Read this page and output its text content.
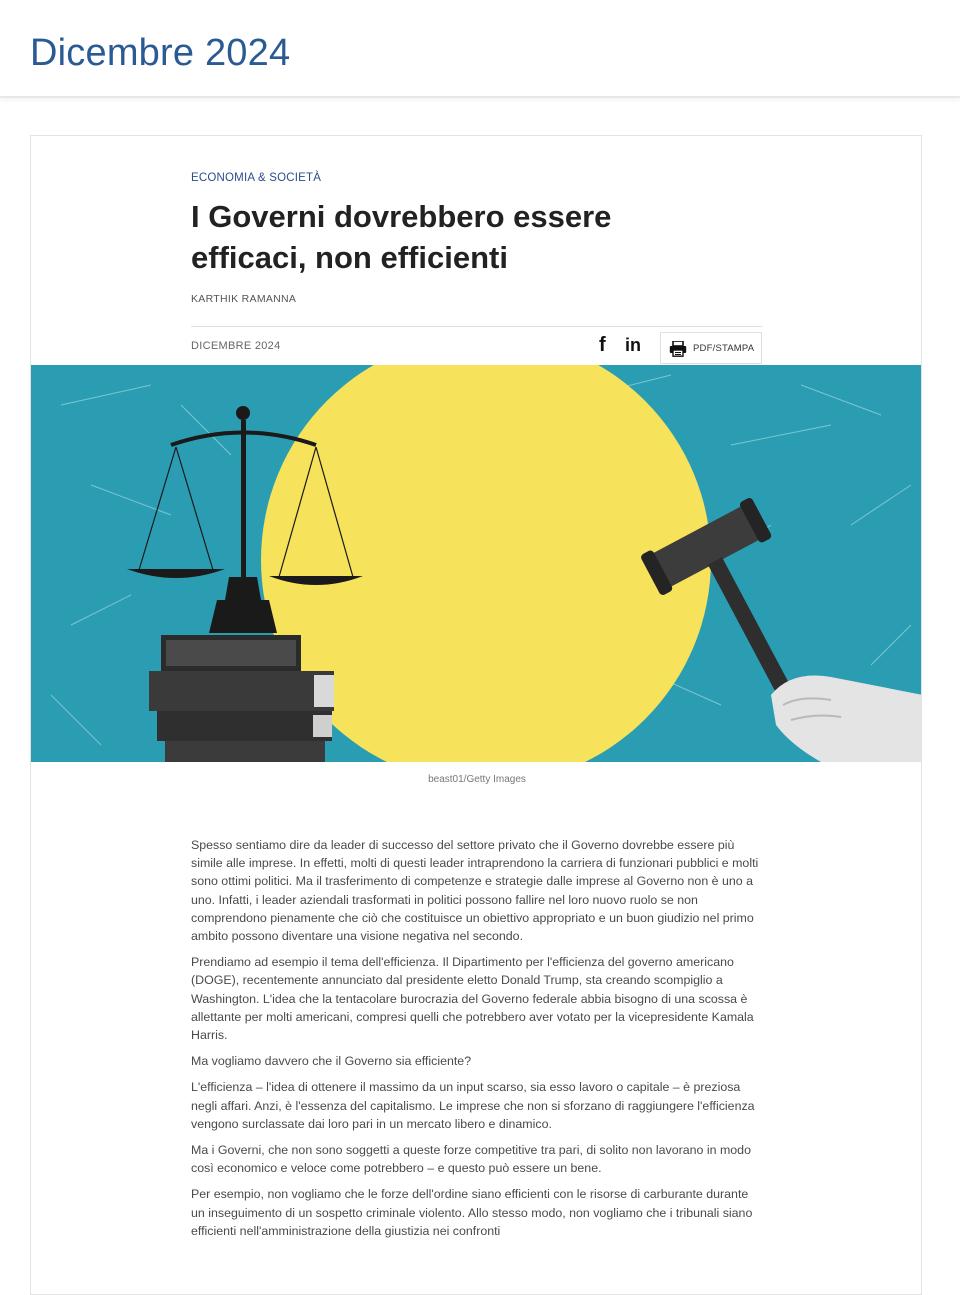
Dicembre 2024
ECONOMIA & SOCIETÀ
I Governi dovrebbero essere efficaci, non efficienti
KARTHIK RAMANNA
DICEMBRE 2024	f	in	PDF/STAMPA
beast01/Getty Images

Spesso sentiamo dire da leader di successo del settore privato che il Governo dovrebbe essere più simile alle imprese. In effetti, molti di questi leader intraprendono la carriera di funzionari pubblici e molti sono ottimi politici. Ma il trasferimento di competenze e strategie dalle imprese al Governo non è uno a uno. Infatti, i leader aziendali trasformati in politici possono fallire nel loro nuovo ruolo se non comprendono pienamente che ciò che costituisce un obiettivo appropriato e un buon giudizio nel primo ambito possono diventare una visione negativa nel secondo.

Prendiamo ad esempio il tema dell'efficienza. Il Dipartimento per l'efficienza del governo americano (DOGE), recentemente annunciato dal presidente eletto Donald Trump, sta creando scompiglio a Washington. L'idea che la tentacolare burocrazia del Governo federale abbia bisogno di una scossa è allettante per molti americani, compresi quelli che potrebbero aver votato per la vicepresidente Kamala Harris.

Ma vogliamo davvero che il Governo sia efficiente?

L'efficienza – l'idea di ottenere il massimo da un input scarso, sia esso lavoro o capitale – è preziosa negli affari. Anzi, è l'essenza del capitalismo. Le imprese che non si sforzano di raggiungere l'efficienza vengono surclassate dai loro pari in un mercato libero e dinamico.

Ma i Governi, che non sono soggetti a queste forze competitive tra pari, di solito non lavorano in modo così economico e veloce come potrebbero – e questo può essere un bene.

Per esempio, non vogliamo che le forze dell'ordine siano efficienti con le risorse di carburante durante un inseguimento di un sospetto criminale violento. Allo stesso modo, non vogliamo che i tribunali siano efficienti nell'amministrazione della giustizia nei confronti
